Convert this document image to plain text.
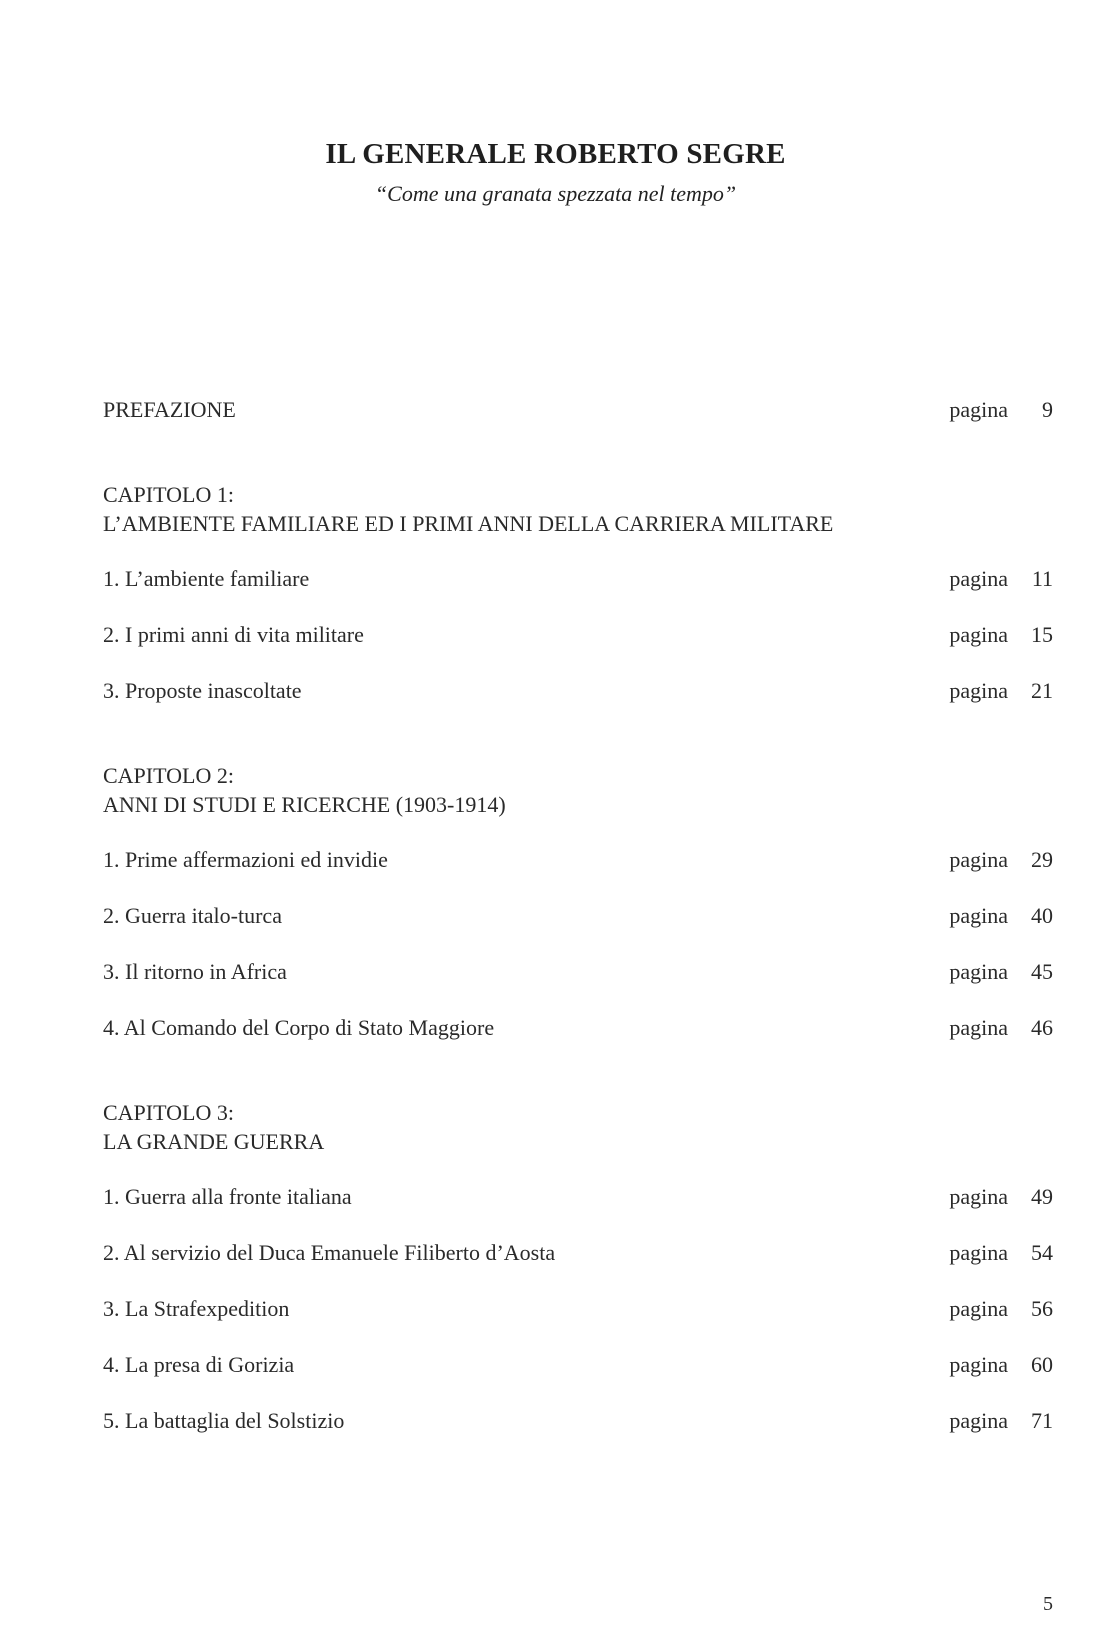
IL GENERALE ROBERTO SEGRE
“Come una granata spezzata nel tempo”
PREFAZIONE	pagina	9
CAPITOLO 1:
L’AMBIENTE FAMILIARE ED I PRIMI ANNI DELLA CARRIERA MILITARE
1. L’ambiente familiare	pagina	11
2. I primi anni di vita militare	pagina	15
3. Proposte inascoltate	pagina	21
CAPITOLO 2:
ANNI DI STUDI E RICERCHE (1903-1914)
1. Prime affermazioni ed invidie	pagina	29
2. Guerra italo-turca	pagina	40
3. Il ritorno in Africa	pagina	45
4. Al Comando del Corpo di Stato Maggiore	pagina	46
CAPITOLO 3:
LA GRANDE GUERRA
1. Guerra alla fronte italiana	pagina	49
2. Al servizio del Duca Emanuele Filiberto d’Aosta	pagina	54
3. La Strafexpedition	pagina	56
4. La presa di Gorizia	pagina	60
5. La battaglia del Solstizio	pagina	71
5
